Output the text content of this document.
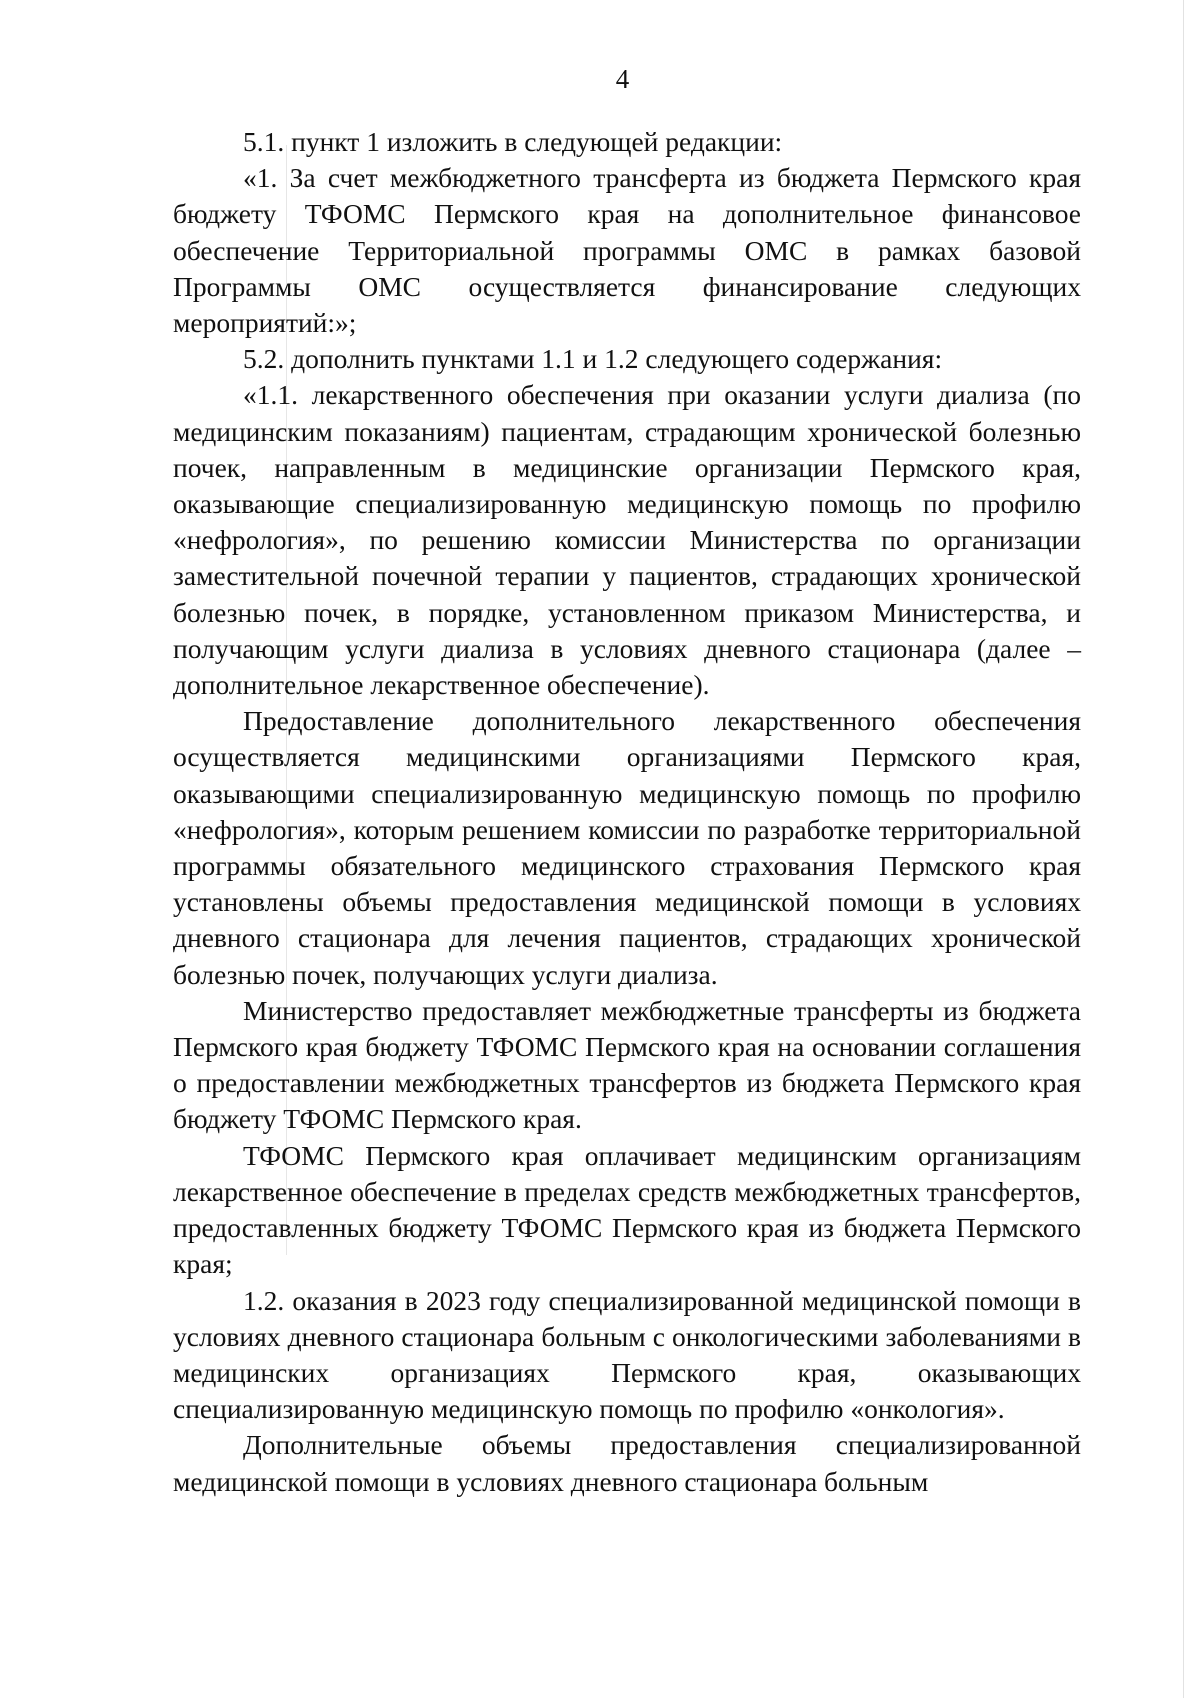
4

5.1. пункт 1 изложить в следующей редакции:

«1. За счет межбюджетного трансферта из бюджета Пермского края бюджету ТФОМС Пермского края на дополнительное финансовое обеспечение Территориальной программы ОМС в рамках базовой Программы ОМС осуществляется финансирование следующих мероприятий:»;

5.2. дополнить пунктами 1.1 и 1.2 следующего содержания:

«1.1. лекарственного обеспечения при оказании услуги диализа (по медицинским показаниям) пациентам, страдающим хронической болезнью почек, направленным в медицинские организации Пермского края, оказывающие специализированную медицинскую помощь по профилю «нефрология», по решению комиссии Министерства по организации заместительной почечной терапии у пациентов, страдающих хронической болезнью почек, в порядке, установленном приказом Министерства, и получающим услуги диализа в условиях дневного стационара (далее – дополнительное лекарственное обеспечение).

Предоставление дополнительного лекарственного обеспечения осуществляется медицинскими организациями Пермского края, оказывающими специализированную медицинскую помощь по профилю «нефрология», которым решением комиссии по разработке территориальной программы обязательного медицинского страхования Пермского края установлены объемы предоставления медицинской помощи в условиях дневного стационара для лечения пациентов, страдающих хронической болезнью почек, получающих услуги диализа.

Министерство предоставляет межбюджетные трансферты из бюджета Пермского края бюджету ТФОМС Пермского края на основании соглашения о предоставлении межбюджетных трансфертов из бюджета Пермского края бюджету ТФОМС Пермского края.

ТФОМС Пермского края оплачивает медицинским организациям лекарственное обеспечение в пределах средств межбюджетных трансфертов, предоставленных бюджету ТФОМС Пермского края из бюджета Пермского края;

1.2. оказания в 2023 году специализированной медицинской помощи в условиях дневного стационара больным с онкологическими заболеваниями в медицинских организациях Пермского края, оказывающих специализированную медицинскую помощь по профилю «онкология».

Дополнительные объемы предоставления специализированной медицинской помощи в условиях дневного стационара больным
